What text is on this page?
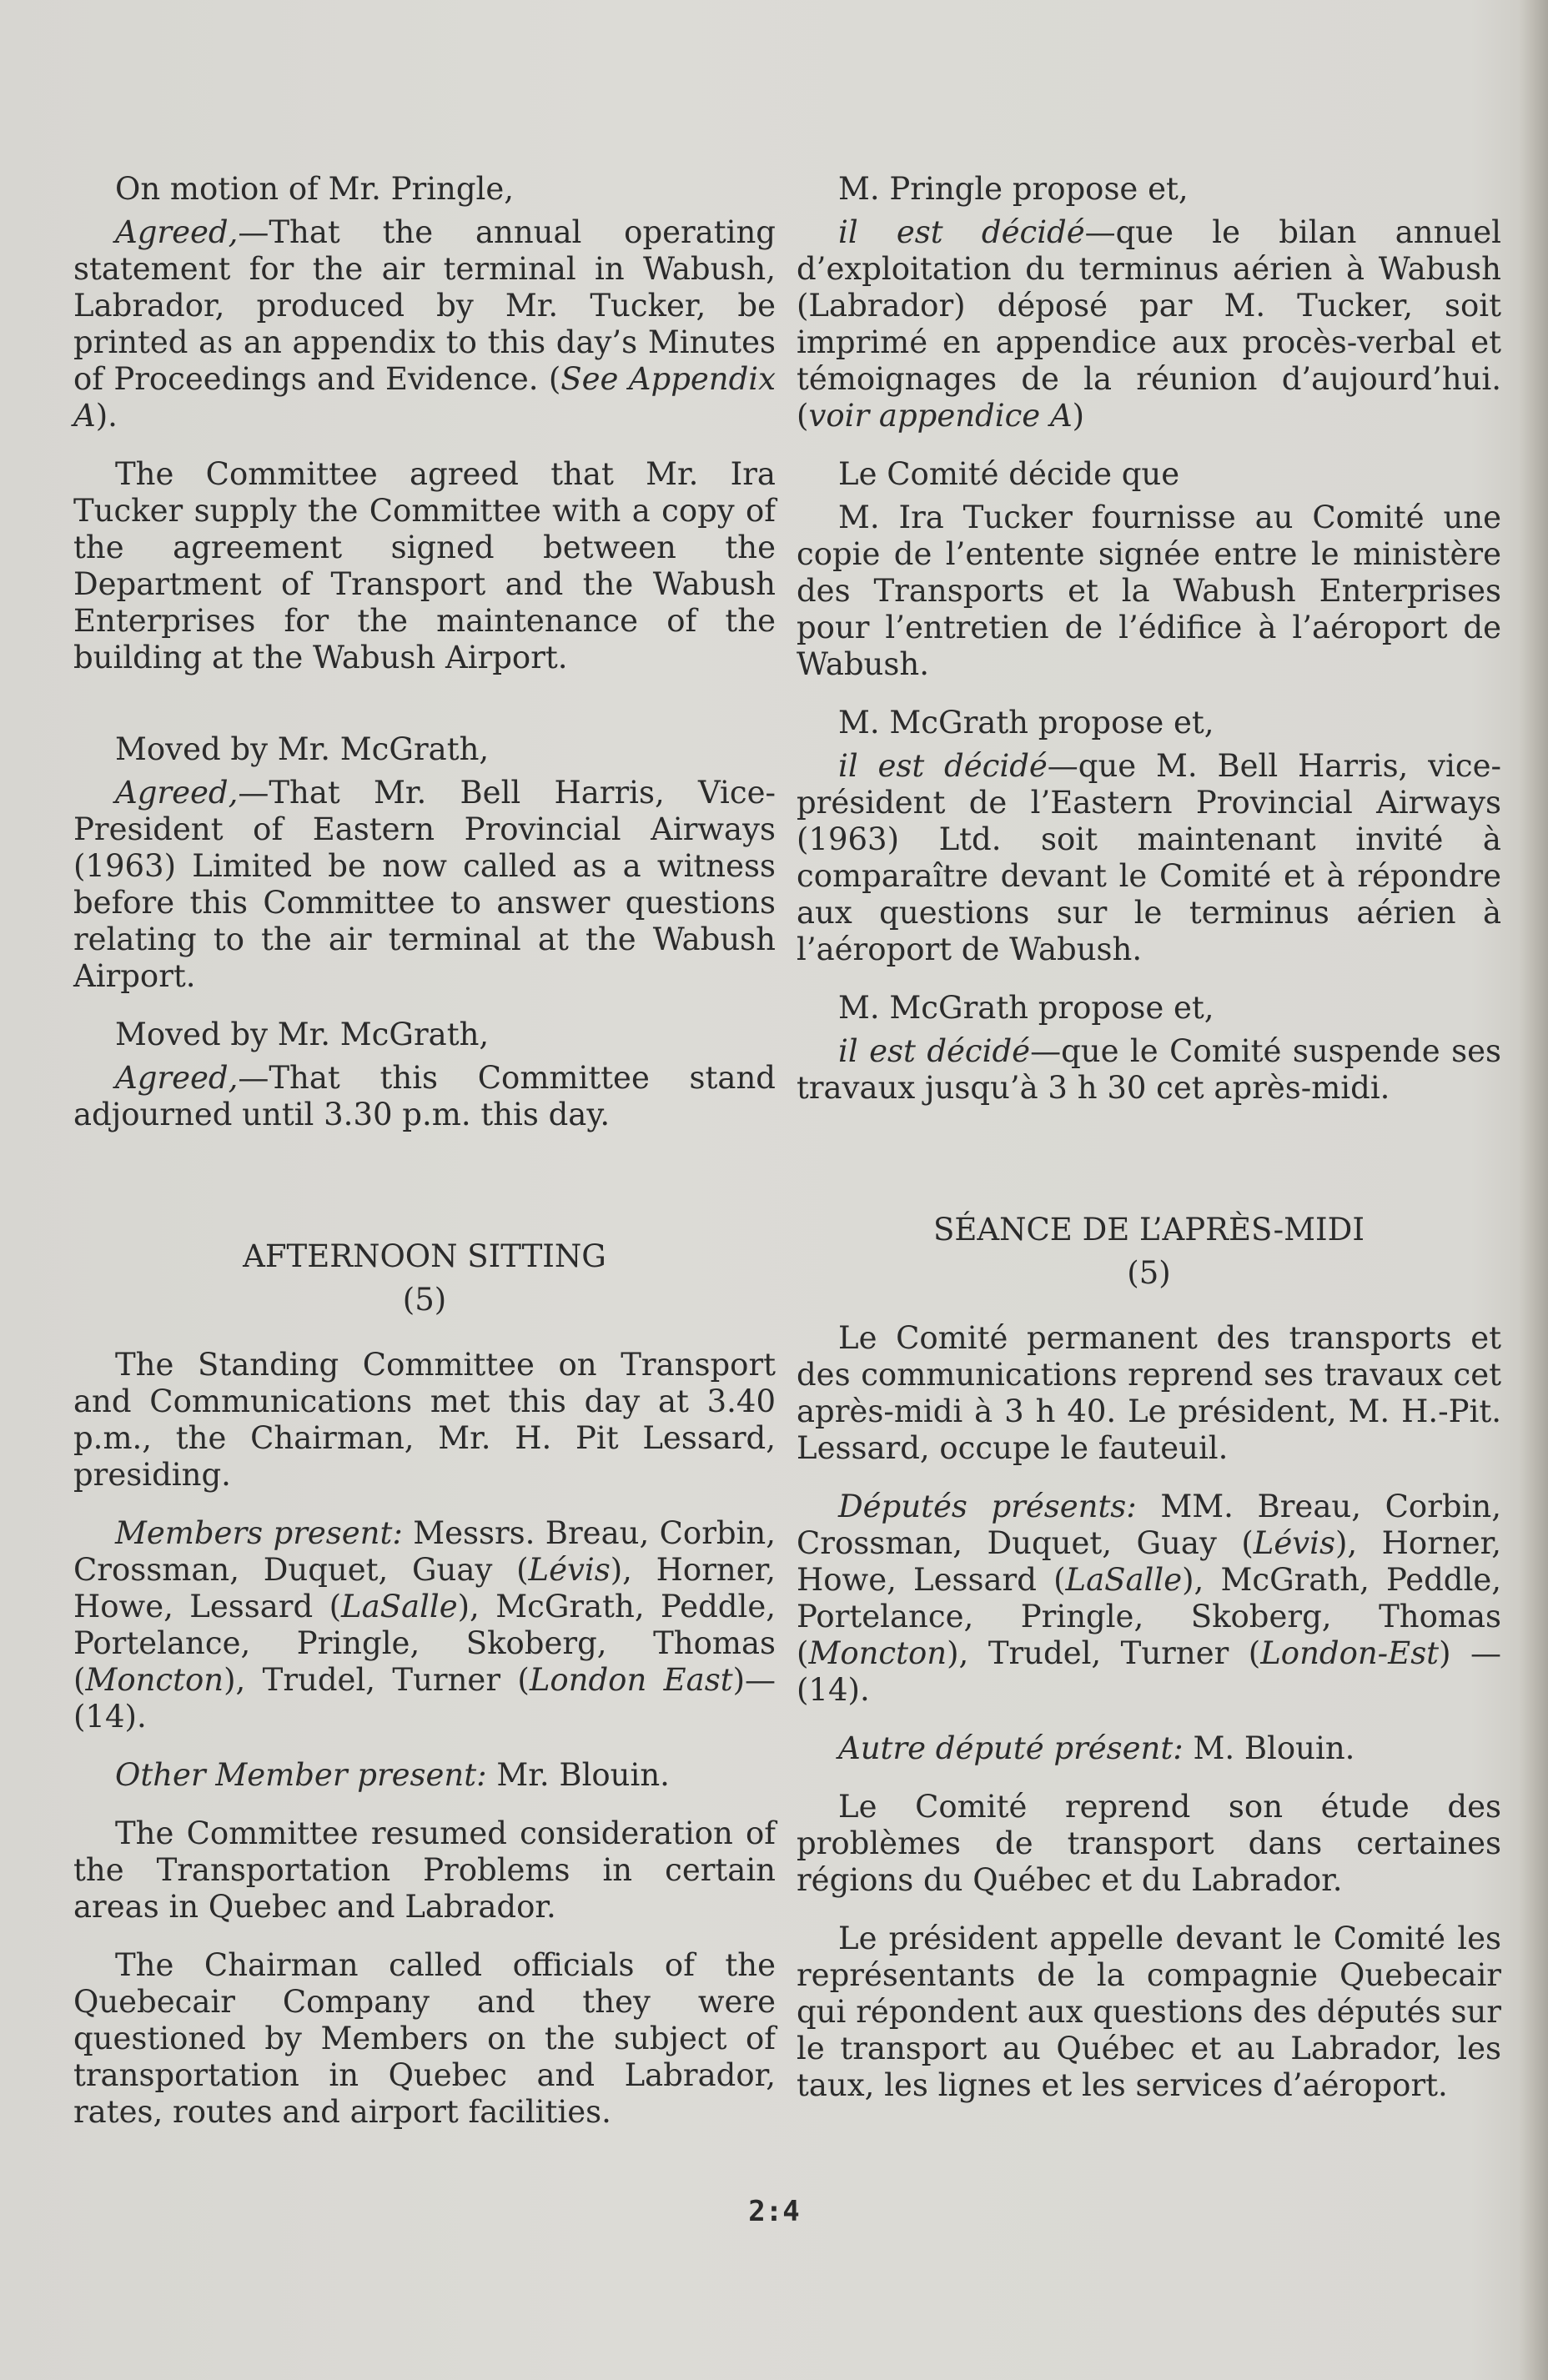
On motion of Mr. Pringle,

Agreed,—That the annual operating statement for the air terminal in Wabush, Labrador, produced by Mr. Tucker, be printed as an appendix to this day’s Minutes of Proceedings and Evidence. (See Appendix A).

The Committee agreed that Mr. Ira Tucker supply the Committee with a copy of the agreement signed between the Department of Transport and the Wabush Enterprises for the maintenance of the building at the Wabush Airport.

Moved by Mr. McGrath,

Agreed,—That Mr. Bell Harris, Vice-President of Eastern Provincial Airways (1963) Limited be now called as a witness before this Committee to answer questions relating to the air terminal at the Wabush Airport.

Moved by Mr. McGrath,

Agreed,—That this Committee stand adjourned until 3.30 p.m. this day.

AFTERNOON SITTING

(5)

The Standing Committee on Transport and Communications met this day at 3.40 p.m., the Chairman, Mr. H. Pit Lessard, presiding.

Members present: Messrs. Breau, Corbin, Crossman, Duquet, Guay (Lévis), Horner, Howe, Lessard (LaSalle), McGrath, Peddle, Portelance, Pringle, Skoberg, Thomas (Moncton), Trudel, Turner (London East)—(14).

Other Member present: Mr. Blouin.

The Committee resumed consideration of the Transportation Problems in certain areas in Quebec and Labrador.

The Chairman called officials of the Quebecair Company and they were questioned by Members on the subject of transportation in Quebec and Labrador, rates, routes and airport facilities.

M. Pringle propose et,

il est décidé—que le bilan annuel d’exploitation du terminus aérien à Wabush (Labrador) déposé par M. Tucker, soit imprimé en appendice aux procès-verbal et témoignages de la réunion d’aujourd’hui. (voir appendice A)

Le Comité décide que

M. Ira Tucker fournisse au Comité une copie de l’entente signée entre le ministère des Transports et la Wabush Enterprises pour l’entretien de l’édifice à l’aéroport de Wabush.

M. McGrath propose et,

il est décidé—que M. Bell Harris, vice-président de l’Eastern Provincial Airways (1963) Ltd. soit maintenant invité à comparaître devant le Comité et à répondre aux questions sur le terminus aérien à l’aéroport de Wabush.

M. McGrath propose et,

il est décidé—que le Comité suspende ses travaux jusqu’à 3 h 30 cet après-midi.

SÉANCE DE L’APRÈS-MIDI

(5)

Le Comité permanent des transports et des communications reprend ses travaux cet après-midi à 3 h 40. Le président, M. H.-Pit. Lessard, occupe le fauteuil.

Députés présents: MM. Breau, Corbin, Crossman, Duquet, Guay (Lévis), Horner, Howe, Lessard (LaSalle), McGrath, Peddle, Portelance, Pringle, Skoberg, Thomas (Moncton), Trudel, Turner (London-Est) —(14).

Autre député présent: M. Blouin.

Le Comité reprend son étude des problèmes de transport dans certaines régions du Québec et du Labrador.

Le président appelle devant le Comité les représentants de la compagnie Quebecair qui répondent aux questions des députés sur le transport au Québec et au Labrador, les taux, les lignes et les services d’aéroport.

2:4
